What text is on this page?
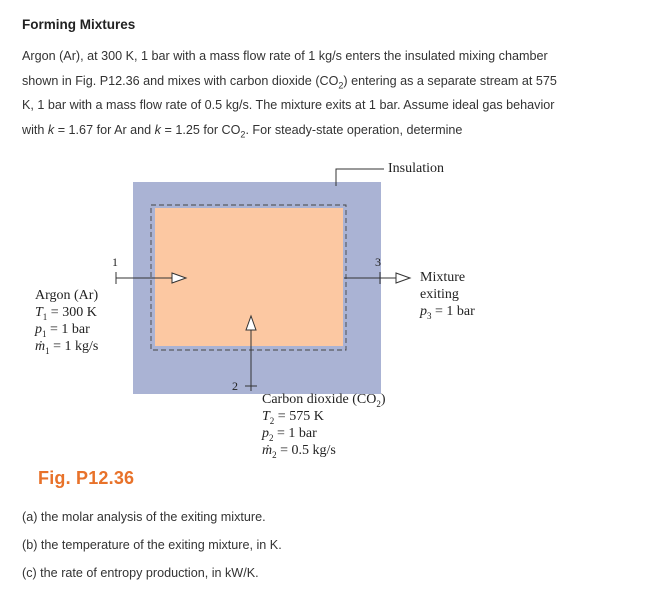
Forming Mixtures

Argon (Ar), at 300 K, 1 bar with a mass flow rate of 1 kg/s enters the insulated mixing chamber

shown in Fig. P12.36 and mixes with carbon dioxide $(CO_2)$ entering as a separate stream at 575

K, 1 bar with a mass flow rate of 0.5 kg/s. The mixture exits at 1 bar. Assume ideal gas behavior

with k = 1.67 for Ar and k = 1.25 for $CO_2$. For steady-state operation, determine

Insulation
1	3
2
Argon (Ar)
$T_1 = 300$ K
$p_1 = 1$ bar
ṁ$_1$ = 1 kg/s
Mixture
exiting
$p_3 = 1$ bar
Carbon dioxide $(CO_2)$
$T_2 = 575$ K
$p_2 = 1$ bar
ṁ$_2$ = 0.5 kg/s
Fig. P12.36
(a) the molar analysis of the exiting mixture.
(b) the temperature of the exiting mixture, in K.
(c) the rate of entropy production, in kW/K.
